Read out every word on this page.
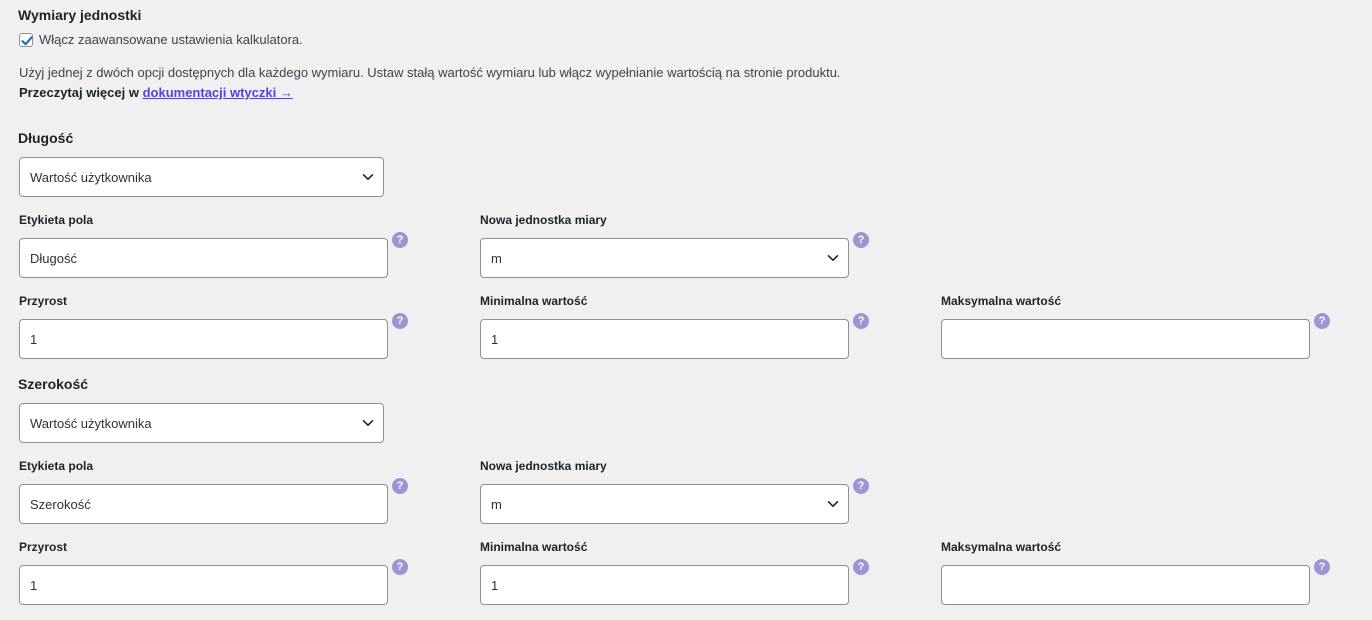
Wymiary jednostki
Włącz zaawansowane ustawienia kalkulatora.
Użyj jednej z dwóch opcji dostępnych dla każdego wymiaru. Ustaw stałą wartość wymiaru lub włącz wypełnianie wartością na stronie produktu.
Przeczytaj więcej w dokumentacji wtyczki →
Długość
Wartość użytkownika
Etykieta pola
Długość
?
Nowa jednostka miary
m
?
Przyrost
1
?
Minimalna wartość
1
?
Maksymalna wartość
?
Szerokość
Wartość użytkownika
Etykieta pola
Szerokość
?
Nowa jednostka miary
m
?
Przyrost
1
?
Minimalna wartość
1
?
Maksymalna wartość
?
